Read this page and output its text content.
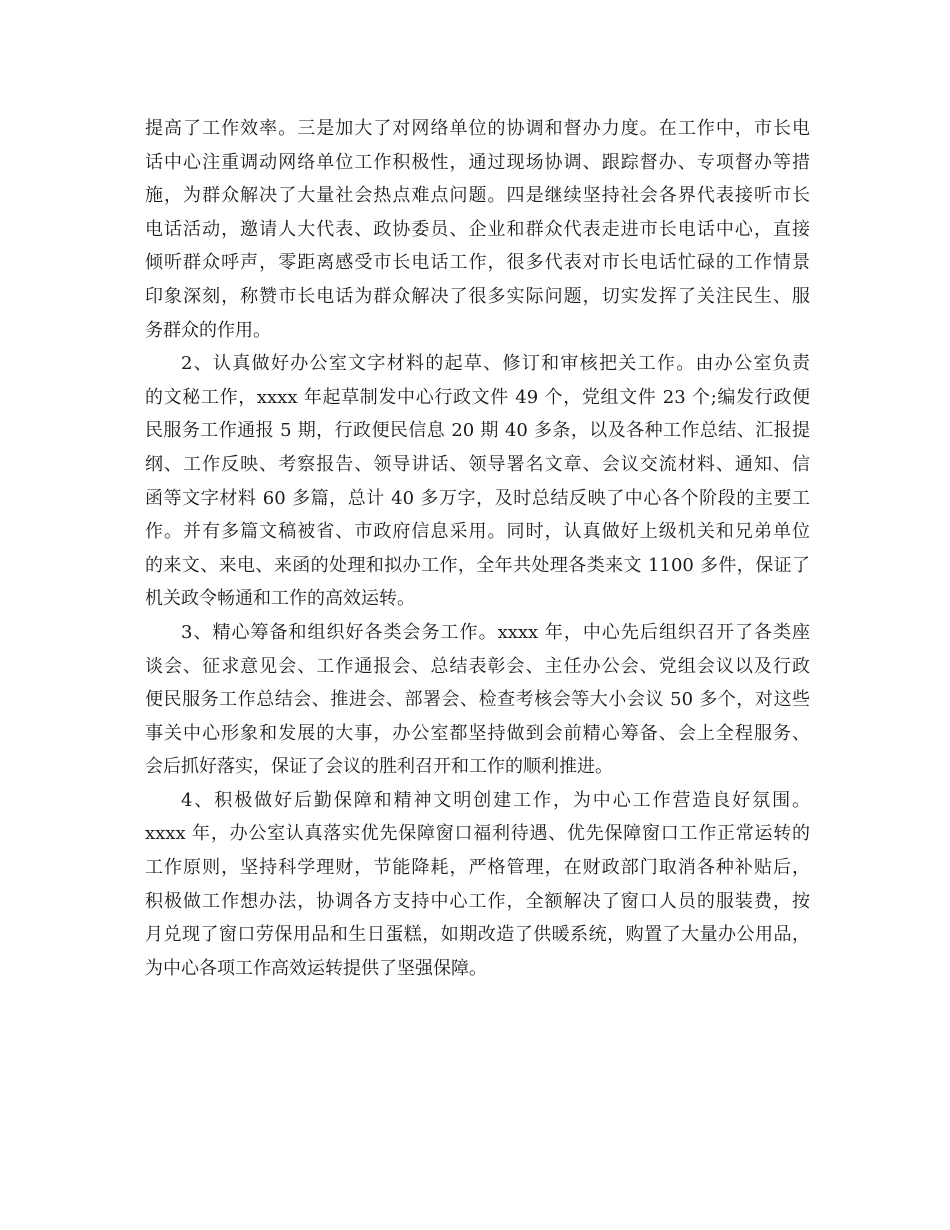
提高了工作效率。三是加大了对网络单位的协调和督办力度。在工作中，市长电
话中心注重调动网络单位工作积极性，通过现场协调、跟踪督办、专项督办等措
施，为群众解决了大量社会热点难点问题。四是继续坚持社会各界代表接听市长
电话活动，邀请人大代表、政协委员、企业和群众代表走进市长电话中心，直接
倾听群众呼声，零距离感受市长电话工作，很多代表对市长电话忙碌的工作情景
印象深刻，称赞市长电话为群众解决了很多实际问题，切实发挥了关注民生、服
务群众的作用。
2、认真做好办公室文字材料的起草、修订和审核把关工作。由办公室负责
的文秘工作，xxxx 年起草制发中心行政文件 49 个，党组文件 23 个;编发行政便
民服务工作通报 5 期，行政便民信息 20 期 40 多条，以及各种工作总结、汇报提
纲、工作反映、考察报告、领导讲话、领导署名文章、会议交流材料、通知、信
函等文字材料 60 多篇，总计 40 多万字，及时总结反映了中心各个阶段的主要工
作。并有多篇文稿被省、市政府信息采用。同时，认真做好上级机关和兄弟单位
的来文、来电、来函的处理和拟办工作，全年共处理各类来文 1100 多件，保证了
机关政令畅通和工作的高效运转。
3、精心筹备和组织好各类会务工作。xxxx 年，中心先后组织召开了各类座
谈会、征求意见会、工作通报会、总结表彰会、主任办公会、党组会议以及行政
便民服务工作总结会、推进会、部署会、检查考核会等大小会议 50 多个，对这些
事关中心形象和发展的大事，办公室都坚持做到会前精心筹备、会上全程服务、
会后抓好落实，保证了会议的胜利召开和工作的顺利推进。
4、积极做好后勤保障和精神文明创建工作，为中心工作营造良好氛围。
xxxx 年，办公室认真落实优先保障窗口福利待遇、优先保障窗口工作正常运转的
工作原则，坚持科学理财，节能降耗，严格管理，在财政部门取消各种补贴后，
积极做工作想办法，协调各方支持中心工作，全额解决了窗口人员的服装费，按
月兑现了窗口劳保用品和生日蛋糕，如期改造了供暖系统，购置了大量办公用品，
为中心各项工作高效运转提供了坚强保障。
